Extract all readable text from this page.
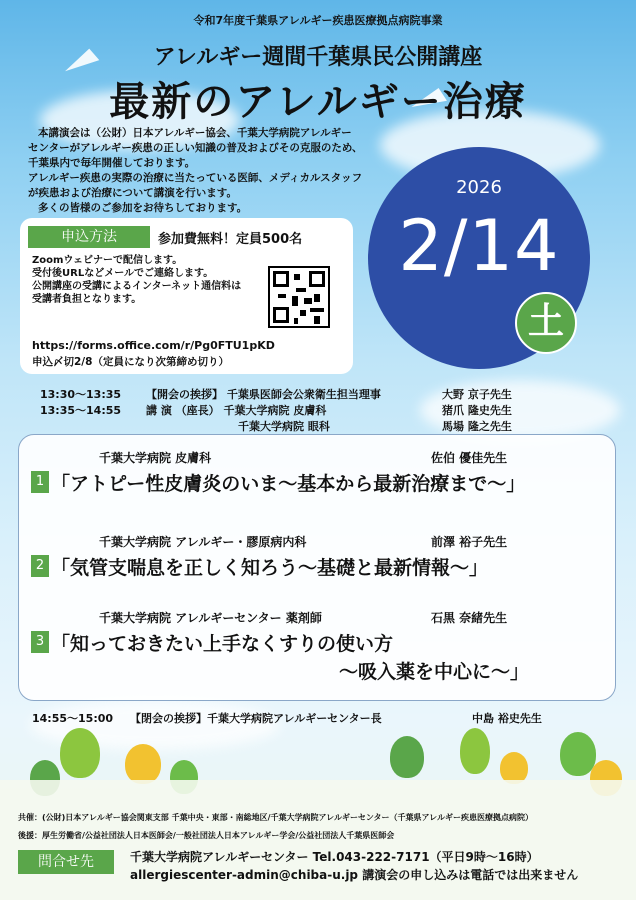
令和7年度千葉県アレルギー疾患医療拠点病院事業
アレルギー週間千葉県民公開講座
最新のアレルギー治療

本講演会は（公財）日本アレルギー協会、千葉大学病院アレルギー

センターがアレルギー疾患の正しい知識の普及およびその克服のため、

千葉県内で毎年開催しております。

アレルギー疾患の実際の治療に当たっている医師、メディカルスタッフ

が疾患および治療について講演を行います。

多くの皆様のご参加をお待ちしております。

2026
2/14
土
申込方法	参加費無料！定員500名
Zoomウェビナーで配信します。
受付後URLなどメールでご連絡します。
公開講座の受講によるインターネット通信料は
受講者負担となります。
https://forms.office.com/r/Pg0FTU1pKD
申込〆切2/8（定員になり次第締め切り）
13:30～13:35 【開会の挨拶】 千葉県医師会公衆衛生担当理事	大野 京子先生
13:35～14:55 講 演 （座長） 千葉大学病院 皮膚科	猪爪 隆史先生
千葉大学病院 眼科	馬場 隆之先生
千葉大学病院 皮膚科	佐伯 優佳先生
1 「アトピー性皮膚炎のいま～基本から最新治療まで～」
千葉大学病院 アレルギー・膠原病内科	前澤 裕子先生
2 「気管支喘息を正しく知ろう～基礎と最新情報～」
千葉大学病院 アレルギーセンター 薬剤師	石黒 奈緒先生
3 「知っておきたい上手なくすりの使い方
～吸入薬を中心に～」
14:55～15:00 【閉会の挨拶】千葉大学病院アレルギーセンター長	中島 裕史先生
共催：(公財)日本アレルギー協会関東支部 千葉中央・東部・南総地区/千葉大学病院アレルギーセンター（千葉県アレルギー疾患医療拠点病院）
後援：厚生労働省/公益社団法人日本医師会/一般社団法人日本アレルギー学会/公益社団法人千葉県医師会
問合せ先	千葉大学病院アレルギーセンター Tel.043-222-7171（平日9時～16時）
allergiescenter-admin@chiba-u.jp 講演会の申し込みは電話では出来ません
